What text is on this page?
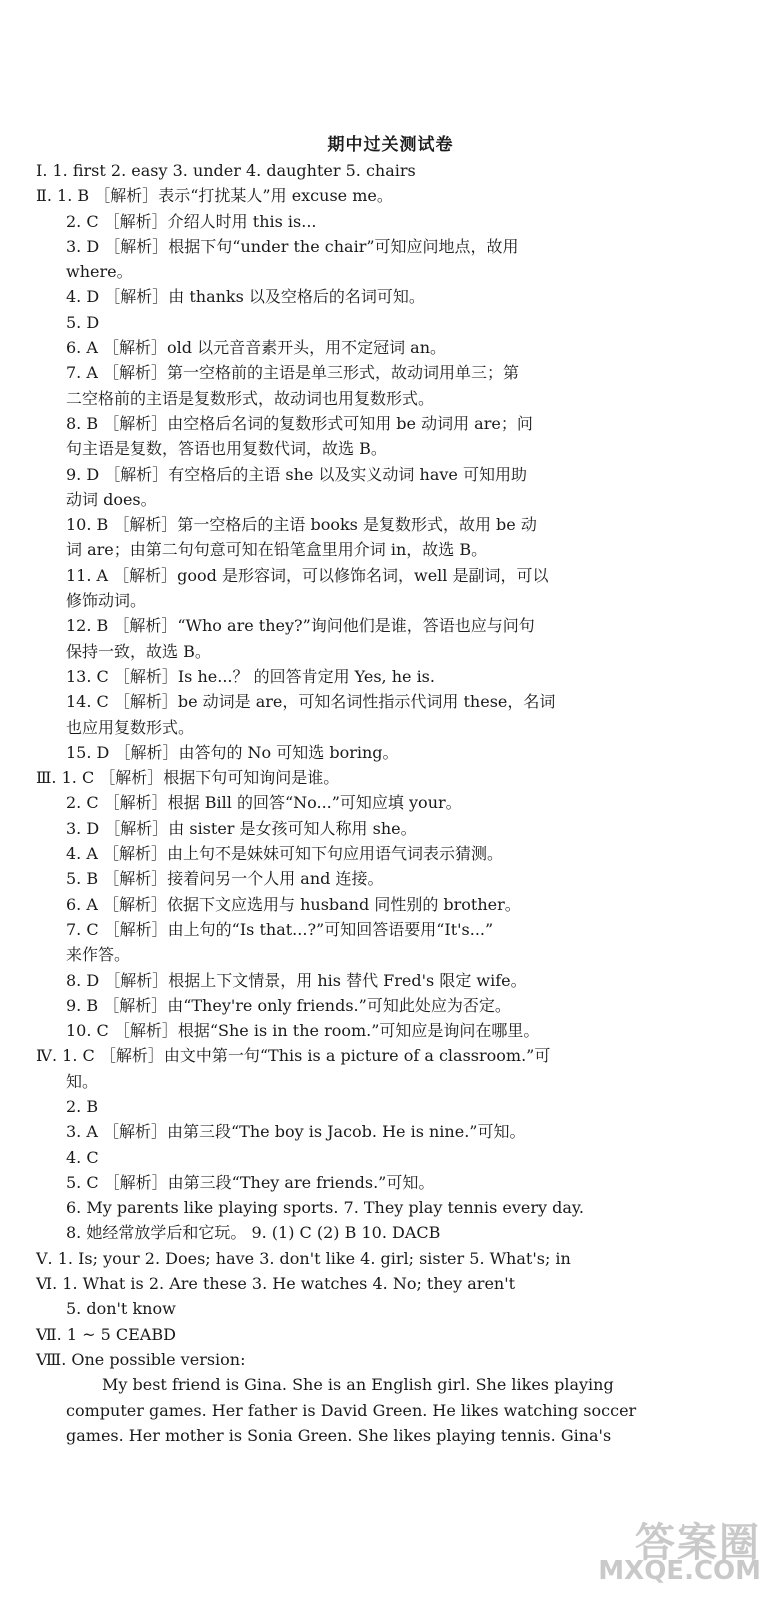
期中过关测试卷
Ⅰ. 1. first 2. easy 3. under 4. daughter 5. chairs
Ⅱ. 1. B ［解析］表示“打扰某人”用 excuse me。
2. C ［解析］介绍人时用 this is...
3. D ［解析］根据下句“under the chair”可知应问地点，故用
where。
4. D ［解析］由 thanks 以及空格后的名词可知。
5. D
6. A ［解析］old 以元音音素开头，用不定冠词 an。
7. A ［解析］第一空格前的主语是单三形式，故动词用单三；第
二空格前的主语是复数形式，故动词也用复数形式。
8. B ［解析］由空格后名词的复数形式可知用 be 动词用 are；问
句主语是复数，答语也用复数代词，故选 B。
9. D ［解析］有空格后的主语 she 以及实义动词 have 可知用助
动词 does。
10. B ［解析］第一空格后的主语 books 是复数形式，故用 be 动
词 are；由第二句句意可知在铅笔盒里用介词 in，故选 B。
11. A ［解析］good 是形容词，可以修饰名词，well 是副词，可以
修饰动词。
12. B ［解析］“Who are they?”询问他们是谁，答语也应与问句
保持一致，故选 B。
13. C ［解析］Is he...？ 的回答肯定用 Yes, he is.
14. C ［解析］be 动词是 are，可知名词性指示代词用 these，名词
也应用复数形式。
15. D ［解析］由答句的 No 可知选 boring。
Ⅲ. 1. C ［解析］根据下句可知询问是谁。
2. C ［解析］根据 Bill 的回答“No...”可知应填 your。
3. D ［解析］由 sister 是女孩可知人称用 she。
4. A ［解析］由上句不是妹妹可知下句应用语气词表示猜测。
5. B ［解析］接着问另一个人用 and 连接。
6. A ［解析］依据下文应选用与 husband 同性别的 brother。
7. C ［解析］由上句的“Is that...?”可知回答语要用“It's...”
来作答。
8. D ［解析］根据上下文情景，用 his 替代 Fred's 限定 wife。
9. B ［解析］由“They're only friends.”可知此处应为否定。
10. C ［解析］根据“She is in the room.”可知应是询问在哪里。
Ⅳ. 1. C ［解析］由文中第一句“This is a picture of a classroom.”可
知。
2. B
3. A ［解析］由第三段“The boy is Jacob. He is nine.”可知。
4. C
5. C ［解析］由第三段“They are friends.”可知。
6. My parents like playing sports. 7. They play tennis every day.
8. 她经常放学后和它玩。 9. (1) C (2) B 10. DACB
Ⅴ. 1. Is; your 2. Does; have 3. don't like 4. girl; sister 5. What's; in
Ⅵ. 1. What is 2. Are these 3. He watches 4. No; they aren't
5. don't know
Ⅶ. 1 ~ 5 CEABD
Ⅷ. One possible version:
My best friend is Gina. She is an English girl. She likes playing
computer games. Her father is David Green. He likes watching soccer
games. Her mother is Sonia Green. She likes playing tennis. Gina's
答案圈
MXQE.COM
